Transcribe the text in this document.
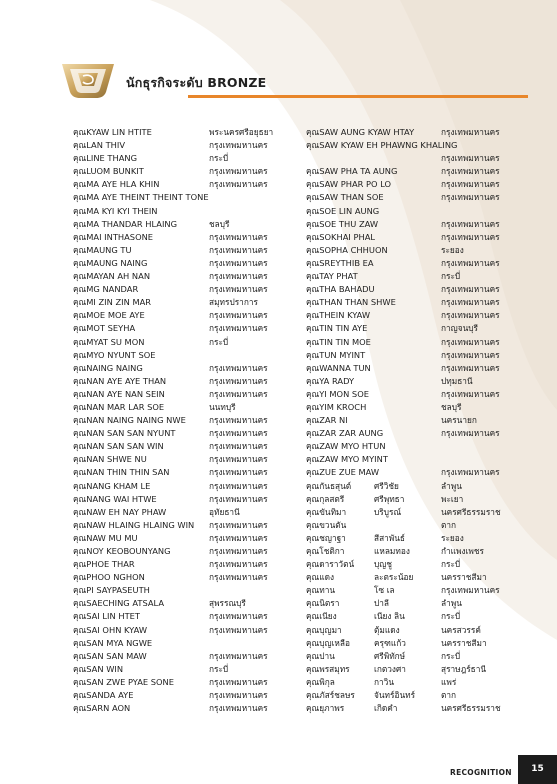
นักธุรกิจระดับ BRONZE
คุณKYAW LIN HTITE	พระนครศรีอยุธยา
คุณLAN THIV	กรุงเทพมหานคร
คุณLINE THANG	กระบี่
คุณLUOM BUNKIT	กรุงเทพมหานคร
คุณMA AYE HLA KHIN	กรุงเทพมหานคร
คุณMA AYE THEINT THEINT TONE
คุณMA KYI KYI THEIN
คุณMA THANDAR HLAING	ชลบุรี
คุณMAI INTHASONE	กรุงเทพมหานคร
คุณMAUNG TU	กรุงเทพมหานคร
คุณMAUNG NAING	กรุงเทพมหานคร
คุณMAYAN AH NAN	กรุงเทพมหานคร
คุณMG NANDAR	กรุงเทพมหานคร
คุณMI ZIN ZIN MAR	สมุทรปราการ
คุณMOE MOE AYE	กรุงเทพมหานคร
คุณMOT SEYHA	กรุงเทพมหานคร
คุณMYAT SU MON	กระบี่
คุณMYO NYUNT SOE
คุณNAING NAING	กรุงเทพมหานคร
คุณNAN AYE AYE THAN	กรุงเทพมหานคร
คุณNAN AYE NAN SEIN	กรุงเทพมหานคร
คุณNAN MAR LAR SOE	นนทบุรี
คุณNAN NAING NAING NWE	กรุงเทพมหานคร
คุณNAN SAN SAN NYUNT	กรุงเทพมหานคร
คุณNAN SAN SAN WIN	กรุงเทพมหานคร
คุณNAN SHWE NU	กรุงเทพมหานคร
คุณNAN THIN THIN SAN	กรุงเทพมหานคร
คุณNANG KHAM LE	กรุงเทพมหานคร
คุณNANG WAI HTWE	กรุงเทพมหานคร
คุณNAW EH NAY PHAW	อุทัยธานี
คุณNAW HLAING HLAING WIN กรุงเทพมหานคร
คุณNAW MU MU	กรุงเทพมหานคร
คุณNOY KEOBOUNYANG	กรุงเทพมหานคร
คุณPHOE THAR	กรุงเทพมหานคร
คุณPHOO NGHON	กรุงเทพมหานคร
คุณPI SAYPASEUTH
คุณSAECHING ATSALA	สุพรรณบุรี
คุณSAI LIN HTET	กรุงเทพมหานคร
คุณSAI OHN KYAW	กรุงเทพมหานคร
คุณSAN MYA NGWE
คุณSAN SAN MAW	กรุงเทพมหานคร
คุณSAN WIN	กระบี่
คุณSAN ZWE PYAE SONE	กรุงเทพมหานคร
คุณSANDA AYE	กรุงเทพมหานคร
คุณSARN AON	กรุงเทพมหานคร
คุณSAW AUNG KYAW HTAY	กรุงเทพมหานคร
คุณSAW KYAW EH PHAWNG KHALING
กรุงเทพมหานคร
คุณSAW PHA TA AUNG	กรุงเทพมหานคร
คุณSAW PHAR PO LO	กรุงเทพมหานคร
คุณSAW THAN SOE	กรุงเทพมหานคร
คุณSOE LIN AUNG
คุณSOE THU ZAW	กรุงเทพมหานคร
คุณSOKHAI PHAL	กรุงเทพมหานคร
คุณSOPHA CHHUON	ระยอง
คุณSREYTHIB EA	กรุงเทพมหานคร
คุณTAY PHAT	กระบี่
คุณTHA BAHADU	กรุงเทพมหานคร
คุณTHAN THAN SHWE	กรุงเทพมหานคร
คุณTHEIN KYAW	กรุงเทพมหานคร
คุณTIN TIN AYE	กาญจนบุรี
คุณTIN TIN MOE	กรุงเทพมหานคร
คุณTUN MYINT	กรุงเทพมหานคร
คุณWANNA TUN	กรุงเทพมหานคร
คุณYA RADY	ปทุมธานี
คุณYI MON SOE	กรุงเทพมหานคร
คุณYIM KROCH	ชลบุรี
คุณZAR NI	นครนายก
คุณZAR ZAR AUNG	กรุงเทพมหานคร
คุณZAW MYO HTUN
คุณZAW MYO MYINT
คุณZUE ZUE MAW	กรุงเทพมหานคร
คุณกันธสุนต์	ศรีวิชัย	ลำพูน
คุณกุลสตรี	ศรีพุทธา	พะเยา
คุณขันทิมา	บริบูรณ์	นครศรีธรรมราช
คุณขวนตัน	ตาก
คุณชญาฐา	สีสาพันธ์	ระยอง
คุณโชติกา	แหลมทอง	กำแพงเพชร
คุณดาราวัตน์ บุญชู	กระบี่
คุณแดง	ละตระน้อย	นครราชสีมา
คุณทาน	โซ เล	กรุงเทพมหานคร
คุณนิตรา	ปาลี	ลำพูน
คุณเนียง	เนียง ลิน	กระบี่
คุณบุญมา	ตุ้มแดง	นครสวรรค์
คุณบุญเหลือ	ครุฑแก้ว	นครราชสีมา
คุณปาน	ศรีพิทักษ์	กระบี่
คุณพรสมุทร	เกตวงศา	สุราษฎร์ธานี
คุณพิกุล	กาวิน	แพร่
คุณภัสร์ชลษร จันทร์อินทร์	ตาก
คุณยุภาพร	เกิดคำ	นครศรีธรรมราช
RECOGNITION	15
